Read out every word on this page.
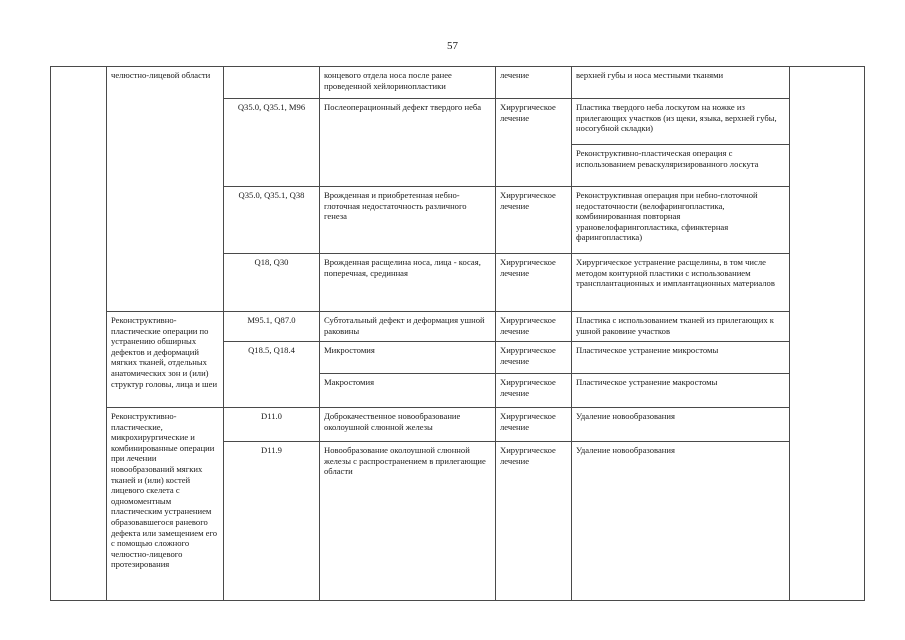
57
	челюстно-лицевой области		концевого отдела носа после ранее проведенной хейлоринопластики	лечение	верхней губы и носа местными тканями	
		Q35.0, Q35.1, M96	Послеоперационный дефект твердого неба	Хирургическое лечение	Пластика твердого неба лоскутом на ножке из прилегающих участков (из щеки, языка, верхней губы, носогубной складки)	
					Реконструктивно-пластическая операция с использованием реваскуляризированного лоскута	
		Q35.0, Q35.1, Q38	Врожденная и приобретенная небно-глоточная недостаточность различного генеза	Хирургическое лечение	Реконструктивная операция при небно-глоточной недостаточности (велофарингопластика, комбинированная повторная урановелофарингопластика, сфинктерная фарингопластика)	
		Q18, Q30	Врожденная расщелина носа, лица - косая, поперечная, срединная	Хирургическое лечение	Хирургическое устранение расщелины, в том числе методом контурной пластики с использованием трансплантационных и имплантационных материалов	
	Реконструктивно-пластические операции по устранению обширных дефектов и деформаций мягких тканей, отдельных анатомических зон и (или) структур головы, лица и шеи	M95.1, Q87.0	Субтотальный дефект и деформация ушной раковины	Хирургическое лечение	Пластика с использованием тканей из прилегающих к ушной раковине участков	
		Q18.5, Q18.4	Микростомия	Хирургическое лечение	Пластическое устранение микростомы	
			Макростомия	Хирургическое лечение	Пластическое устранение макростомы	
	Реконструктивно-пластические, микрохирургические и комбинированные операции при лечении новообразований мягких тканей и (или) костей лицевого скелета с одномоментным пластическим устранением образовавшегося раневого дефекта или замещением его с помощью сложного челюстно-лицевого протезирования	D11.0	Доброкачественное новообразование околоушной слюнной железы	Хирургическое лечение	Удаление новообразования	
		D11.9	Новообразование околоушной слюнной железы с распространением в прилегающие области	Хирургическое лечение	Удаление новообразования	
